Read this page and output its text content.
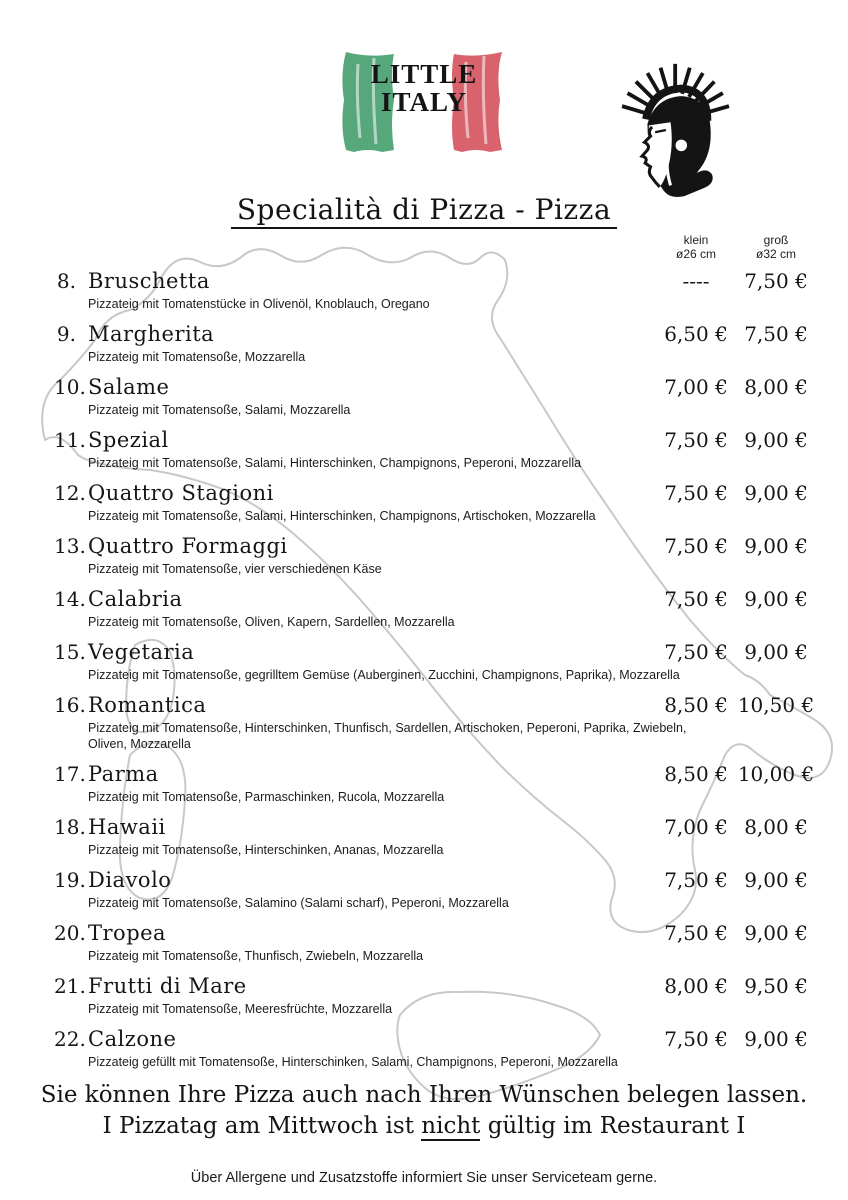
LITTLE
ITALY
Specialità di Pizza - Pizza
klein
ø26 cm
groß
ø32 cm
8. Bruschetta
Pizzateig mit Tomatenstücke in Olivenöl, Knoblauch, Oregano
----	7,50 €
9. Margherita
Pizzateig mit Tomatensoße, Mozzarella
6,50 € 7,50 €
10. Salame
Pizzateig mit Tomatensoße, Salami, Mozzarella
7,00 € 8,00 €
11. Spezial
Pizzateig mit Tomatensoße, Salami, Hinterschinken, Champignons, Peperoni, Mozzarella
7,50 € 9,00 €
12. Quattro Stagioni
Pizzateig mit Tomatensoße, Salami, Hinterschinken, Champignons, Artischoken, Mozzarella
7,50 € 9,00 €
13. Quattro Formaggi
Pizzateig mit Tomatensoße, vier verschiedenen Käse
7,50 € 9,00 €
14. Calabria
Pizzateig mit Tomatensoße, Oliven, Kapern, Sardellen, Mozzarella
7,50 € 9,00 €
15. Vegetaria
Pizzateig mit Tomatensoße, gegrilltem Gemüse (Auberginen, Zucchini, Champignons, Paprika), Mozzarella
7,50 € 9,00 €
16. Romantica
Pizzateig mit Tomatensoße, Hinterschinken, Thunfisch, Sardellen, Artischoken, Peperoni, Paprika, Zwiebeln,
Oliven, Mozzarella
8,50 € 10,50 €
17. Parma
Pizzateig mit Tomatensoße, Parmaschinken, Rucola, Mozzarella
8,50 € 10,00 €
18. Hawaii
Pizzateig mit Tomatensoße, Hinterschinken, Ananas, Mozzarella
7,00 € 8,00 €
19. Diavolo
Pizzateig mit Tomatensoße, Salamino (Salami scharf), Peperoni, Mozzarella
7,50 € 9,00 €
20. Tropea
Pizzateig mit Tomatensoße, Thunfisch, Zwiebeln, Mozzarella
7,50 € 9,00 €
21. Frutti di Mare
Pizzateig mit Tomatensoße, Meeresfrüchte, Mozzarella
8,00 € 9,50 €
22. Calzone
Pizzateig gefüllt mit Tomatensoße, Hinterschinken, Salami, Champignons, Peperoni, Mozzarella
7,50 € 9,00 €
Sie können Ihre Pizza auch nach Ihren Wünschen belegen lassen.
I Pizzatag am Mittwoch ist nicht gültig im Restaurant I
Über Allergene und Zusatzstoffe informiert Sie unser Serviceteam gerne.
